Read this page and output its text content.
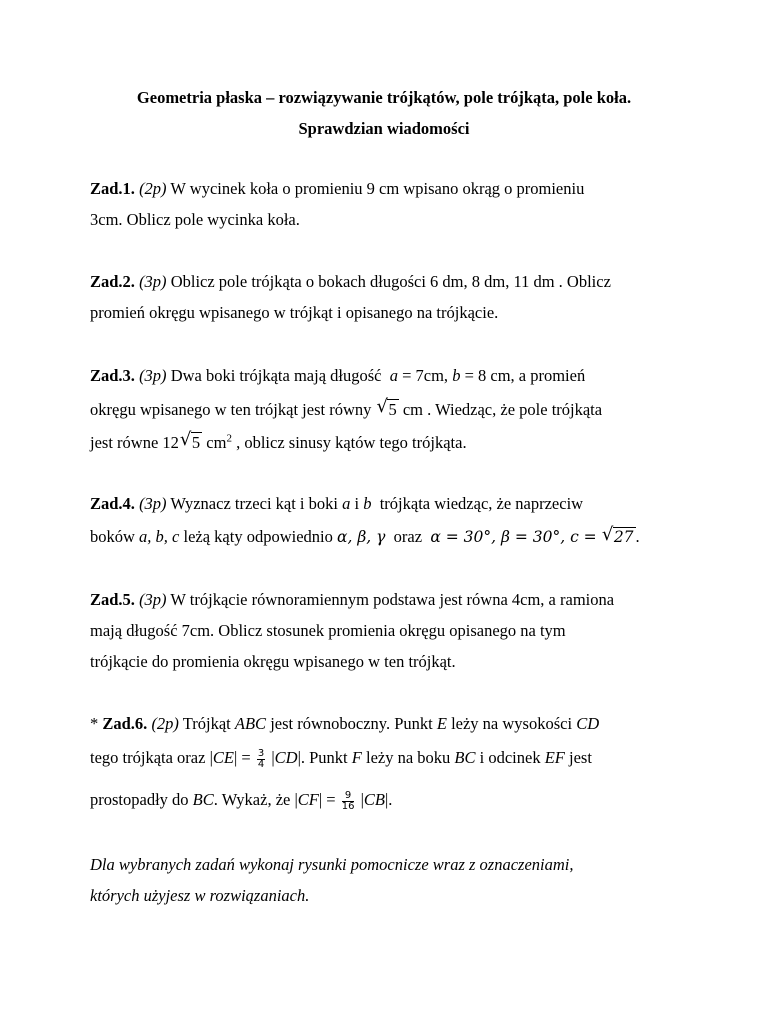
Geometria płaska – rozwiązywanie trójkątów, pole trójkąta, pole koła.
Sprawdzian wiadomości
Zad.1. (2p) W wycinek koła o promieniu 9 cm wpisano okrąg o promieniu
3cm. Oblicz pole wycinka koła.
Zad.2. (3p) Oblicz pole trójkąta o bokach długości 6 dm, 8 dm, 11 dm . Oblicz
promień okręgu wpisanego w trójkąt i opisanego na trójkącie.
Zad.3. (3p) Dwa boki trójkąta mają długość a = 7cm, b = 8 cm, a promień
okręgu wpisanego w ten trójkąt jest równy √ 5 cm . Wiedząc, że pole trójkąta
jest równe 12 √ 5 $cm^2$ , oblicz sinusy kątów tego trójkąta.
Zad.4. (3p) Wyznacz trzeci kąt i boki a i b trójkąta wiedząc, że naprzeciw
boków a, b, c leżą kąty odpowiednio α, β, γ oraz α = 30°, β = 30°, c = √ 27 .
Zad.5. (3p) W trójkącie równoramiennym podstawa jest równa 4cm, a ramiona
mają długość 7cm. Oblicz stosunek promienia okręgu opisanego na tym
trójkącie do promienia okręgu wpisanego w ten trójkąt.
* Zad.6. (2p) Trójkąt ABC jest równoboczny. Punkt E leży na wysokości CD
tego trójkąta oraz $|CE| = \frac{3}{4} |CD|$. Punkt F leży na boku BC i odcinek EF jest
prostopadły do BC. Wykaż, że $|CF| = \frac{9}{16} |CB|$.
Dla wybranych zadań wykonaj rysunki pomocnicze wraz z oznaczeniami,
których użyjesz w rozwiązaniach.
